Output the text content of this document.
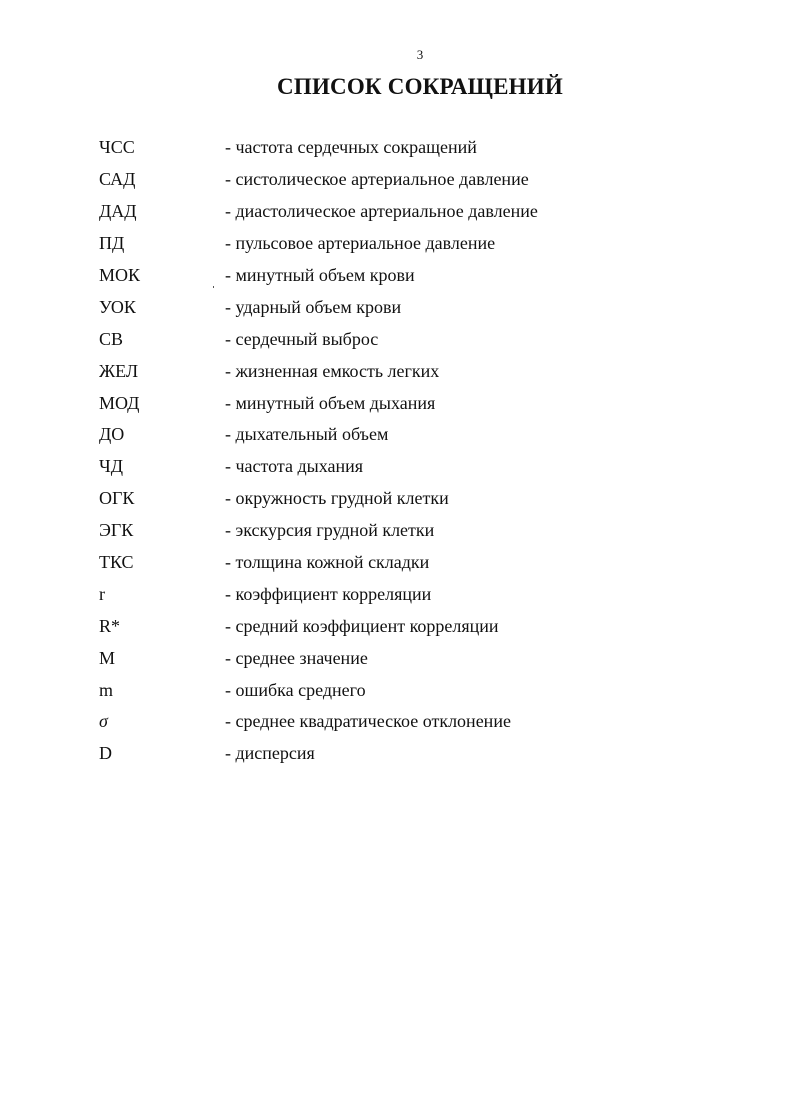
3
СПИСОК СОКРАЩЕНИЙ
ЧСС	- частота сердечных сокращений
САД	- систолическое артериальное давление
ДАД	- диастолическое артериальное давление
ПД	- пульсовое артериальное давление
МОК	- минутный объем крови
УОК	- ударный объем крови
СВ	- сердечный выброс
ЖЕЛ	- жизненная емкость легких
МОД	- минутный объем дыхания
ДО	- дыхательный объем
ЧД	- частота дыхания
ОГК	- окружность грудной клетки
ЭГК	- экскурсия грудной клетки
ТКС	- толщина кожной складки
r	- коэффициент корреляции
R*	- средний коэффициент корреляции
M	- среднее значение
m	- ошибка среднего
σ	- среднее квадратическое отклонение
D	- дисперсия
